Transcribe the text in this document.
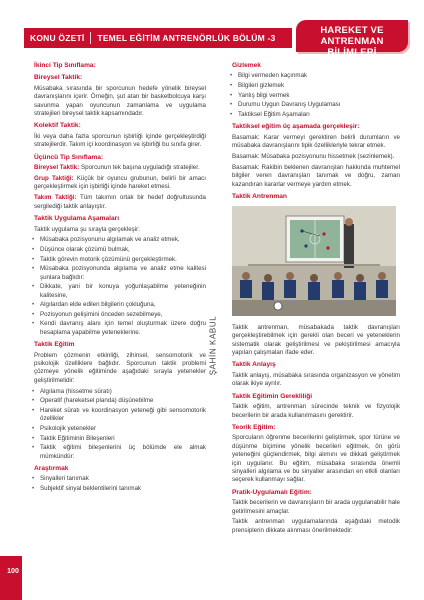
KONU ÖZETİ TEMEL EĞİTİM ANTRENÖRLÜK BÖLÜM -3
HAREKET VE
ANTRENMAN BİLİMLERİ
İkinci Tip Sınıflama:
Bireysel Taktik:

Müsabaka sırasında bir sporcunun hedefe yönelik bireysel davranışlarını içerir. Örneğin, şut atan bir basketbolcuya karşı savunma yapan oyuncunun zamanlama ve uygulama stratejileri bireysel taktik kapsamındadır.

Kolektif Taktik:

İki veya daha fazla sporcunun işbirliği içinde gerçekleştirdiği stratejilerdir. Takım içi koordinasyon ve işbirliği bu sınıfa girer.

Üçüncü Tip Sınıflama:

Bireysel Taktik: Sporcunun tek başına uyguladığı stratejiler.

Grup Taktiği: Küçük bir oyuncu grubunun, belirli bir amacı gerçekleştirmek için işbirliği içinde hareket etmesi.

Takım Taktiği: Tüm takımın ortak bir hedef doğrultusunda sergilediği taktik anlayıştır.

Taktik Uygulama Aşamaları

Taktik uygulama şu sırayla gerçekleşir:

• Müsabaka pozisyonunu algılamak ve analiz etmek,
• Düşünce olarak çözümü bulmak,
• Taktik görevin motorik çözümünü gerçekleştirmek.
• Müsabaka pozisyonunda algılama ve analiz etme kalitesi şunlara bağlıdır:
• Dikkate, yani bir konuya yoğunlaşabilme yeteneğinin kalitesine,
• Algılardan elde edilen bilgilerin çokluğuna,
• Pozisyonun gelişimini önceden sezebilmeye,
• Kendi davranış alanı için temel oluşturmak üzere doğru hesaplama yapabilme yeteneklerine.
Taktik Eğitim

Problem çözmenin etkinliği, zihinsel, sensomotorik ve psikolojik özelliklere bağlıdır. Sporcunun taktik problemi çözmeye yönelik eğitiminde aşağıdaki sırayla yetenekler geliştirilmelidir:

• Algılama (hissetme süratı)
• Operatif (hareketsel planda) düşünebilme
• Hareket süratı ve koordinasyon yeteneği gibi sensomotorik özellikler
• Psikolojik yetenekler
• Taktik Eğitiminin Bileşenleri
• Taktik eğitimi bileşenlerini üç bölümde ele almak mümkündür:
Araştırmak
• Sinyalleri tanımak
• Subjektif sinyal beklentilerini tanımak
ŞAHİN KABUL
Gizlemek
• Bilgi vermeden kaçınmak
• Bilgileri gizlemek
• Yanlış bilgi vermek
• Durumu Uygun Davranış Uygulaması
• Taktiksel Eğitim Aşamaları
Taktiksel eğitim üç aşamada gerçekleşir:

Basamak: Karar vermeyi gerektiren belirli durumların ve müsabaka davranışlarını tipik özellikleriyle tekrar etmek.

Basamak: Müsabaka pozisyonunu hissetmek (sezinlemek).

Basamak: Rakibin beklenen davranışları hakkında muhtemel bilgiler veren davranışları tanımak ve doğru, zaman kazandıran kararlar vermeye yardım etmek.

Taktik Antrenman

Taktik antrenman, müsabakada taktik davranışları gerçekleştirebilmek için gerekli olan beceri ve yeteneklerin sistematik olarak geliştirilmesi ve pekiştirilmesi amacıyla yapılan çalışmaları ifade eder.

Taktik Anlayış

Taktik anlayış, müsabaka sırasında organizasyon ve yönetim olarak ikiye ayrılır.

Taktik Eğitimin Gerekliliği

Taktik eğitim, antrenman sürecinde teknik ve fizyolojik becerilerin bir arada kullanılmasını gerektirir.

Teorik Eğitim:

Sporcuların öğrenme becerilerini geliştirmek, spor türüne ve düşünme biçimine yönelik becerileri eğitmek, ön görü yeteneğini güçlendirmek, bilgi alımını ve dikkati geliştirmek için uygulanır. Bu eğitim, müsabaka sırasında önemli sinyalleri algılama ve bu sinyaller arasından en etkili olanları seçerek kullanmayı sağlar.

Pratik-Uygulamalı Eğitim:

Taktik becerilerin ve davranışların bir arada uygulanabilir hale getirilmesini amaçlar.

Taktik antrenman uygulamalarında aşağıdaki metodik prensiplerin dikkate alınması önerilmektedir:

100
